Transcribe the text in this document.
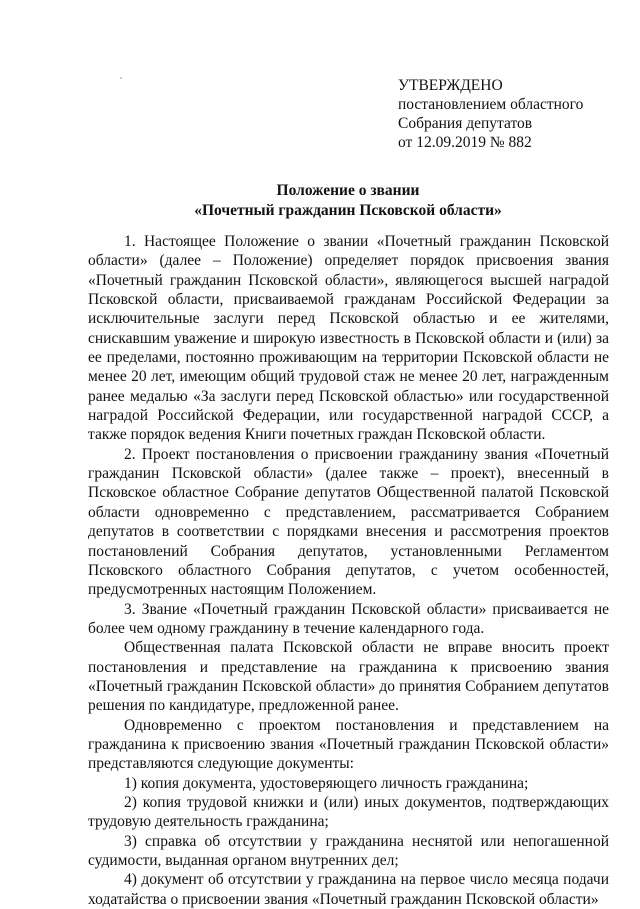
УТВЕРЖДЕНО
постановлением областного
Собрания депутатов
от 12.09.2019 № 882
Положение о звании
«Почетный гражданин Псковской области»

1. Настоящее Положение о звании «Почетный гражданин Псковской области» (далее – Положение) определяет порядок присвоения звания «Почетный гражданин Псковской области», являющегося высшей наградой Псковской области, присваиваемой гражданам Российской Федерации за исключительные заслуги перед Псковской областью и ее жителями, снискавшим уважение и широкую известность в Псковской области и (или) за ее пределами, постоянно проживающим на территории Псковской области не менее 20 лет, имеющим общий трудовой стаж не менее 20 лет, награжденным ранее медалью «За заслуги перед Псковской областью» или государственной наградой Российской Федерации, или государственной наградой СССР, а также порядок ведения Книги почетных граждан Псковской области.

2. Проект постановления о присвоении гражданину звания «Почетный гражданин Псковской области» (далее также – проект), внесенный в Псковское областное Собрание депутатов Общественной палатой Псковской области одновременно с представлением, рассматривается Собранием депутатов в соответствии с порядками внесения и рассмотрения проектов постановлений Собрания депутатов, установленными Регламентом Псковского областного Собрания депутатов, с учетом особенностей, предусмотренных настоящим Положением.

3. Звание «Почетный гражданин Псковской области» присваивается не более чем одному гражданину в течение календарного года.

Общественная палата Псковской области не вправе вносить проект постановления и представление на гражданина к присвоению звания «Почетный гражданин Псковской области» до принятия Собранием депутатов решения по кандидатуре, предложенной ранее.

Одновременно с проектом постановления и представлением на гражданина к присвоению звания «Почетный гражданин Псковской области» представляются следующие документы:

1) копия документа, удостоверяющего личность гражданина;

2) копия трудовой книжки и (или) иных документов, подтверждающих трудовую деятельность гражданина;

3) справка об отсутствии у гражданина неснятой или непогашенной судимости, выданная органом внутренних дел;

4) документ об отсутствии у гражданина на первое число месяца подачи ходатайства о присвоении звания «Почетный гражданин Псковской области»
